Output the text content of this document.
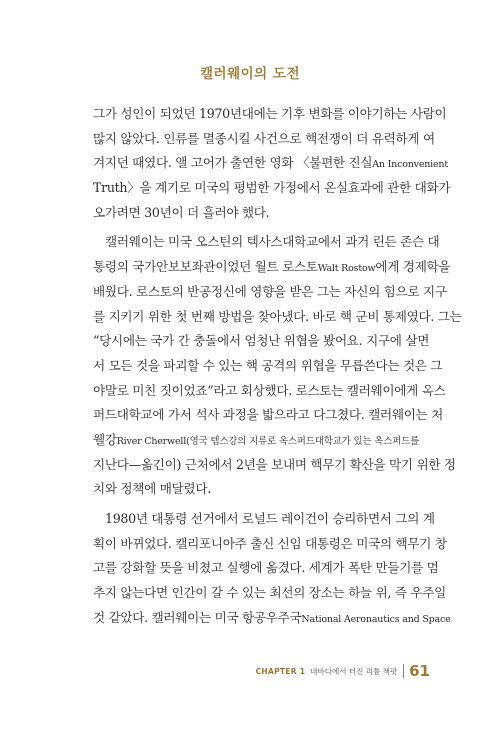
캘러웨이의 도전
그가 성인이 되었던 1970년대에는 기후 변화를 이야기하는 사람이
많지 않았다. 인류를 멸종시킬 사건으로 핵전쟁이 더 유력하게 여
겨지던 때였다. 앨 고어가 출연한 영화 〈불편한 진실An Inconvenient
Truth〉을 계기로 미국의 평범한 가정에서 온실효과에 관한 대화가
오가려면 30년이 더 흘러야 했다.
캘러웨이는 미국 오스틴의 텍사스대학교에서 과거 린든 존슨 대
통령의 국가안보보좌관이었던 월트 로스토Walt Rostow에게 경제학을
배웠다. 로스토의 반공정신에 영향을 받은 그는 자신의 힘으로 지구
를 지키기 위한 첫 번째 방법을 찾아냈다. 바로 핵 군비 통제였다. 그는
“당시에는 국가 간 충돌에서 엄청난 위협을 봤어요. 지구에 살면
서 모든 것을 파괴할 수 있는 핵 공격의 위협을 무릅쓴다는 것은 그
야말로 미친 짓이었죠”라고 회상했다. 로스토는 캘러웨이에게 옥스
퍼드대학교에 가서 석사 과정을 밟으라고 다그쳤다. 캘러웨이는 처
웰강River Cherwell(영국 템스강의 지류로 옥스퍼드대학교가 있는 옥스퍼드를
지난다—옮긴이) 근처에서 2년을 보내며 핵무기 확산을 막기 위한 정
치와 정책에 매달렸다.
1980년 대통령 선거에서 로널드 레이건이 승리하면서 그의 계
획이 바뀌었다. 캘리포니아주 출신 신임 대통령은 미국의 핵무기 창
고를 강화할 뜻을 비쳤고 실행에 옮겼다. 세계가 폭탄 만들기를 멈
추지 않는다면 인간이 갈 수 있는 최선의 장소는 하늘 위, 즉 우주일
것 같았다. 캘러웨이는 미국 항공우주국National Aeronautics and Space
CHAPTER 1 네바다에서 터진 리튬 잭팟 61
